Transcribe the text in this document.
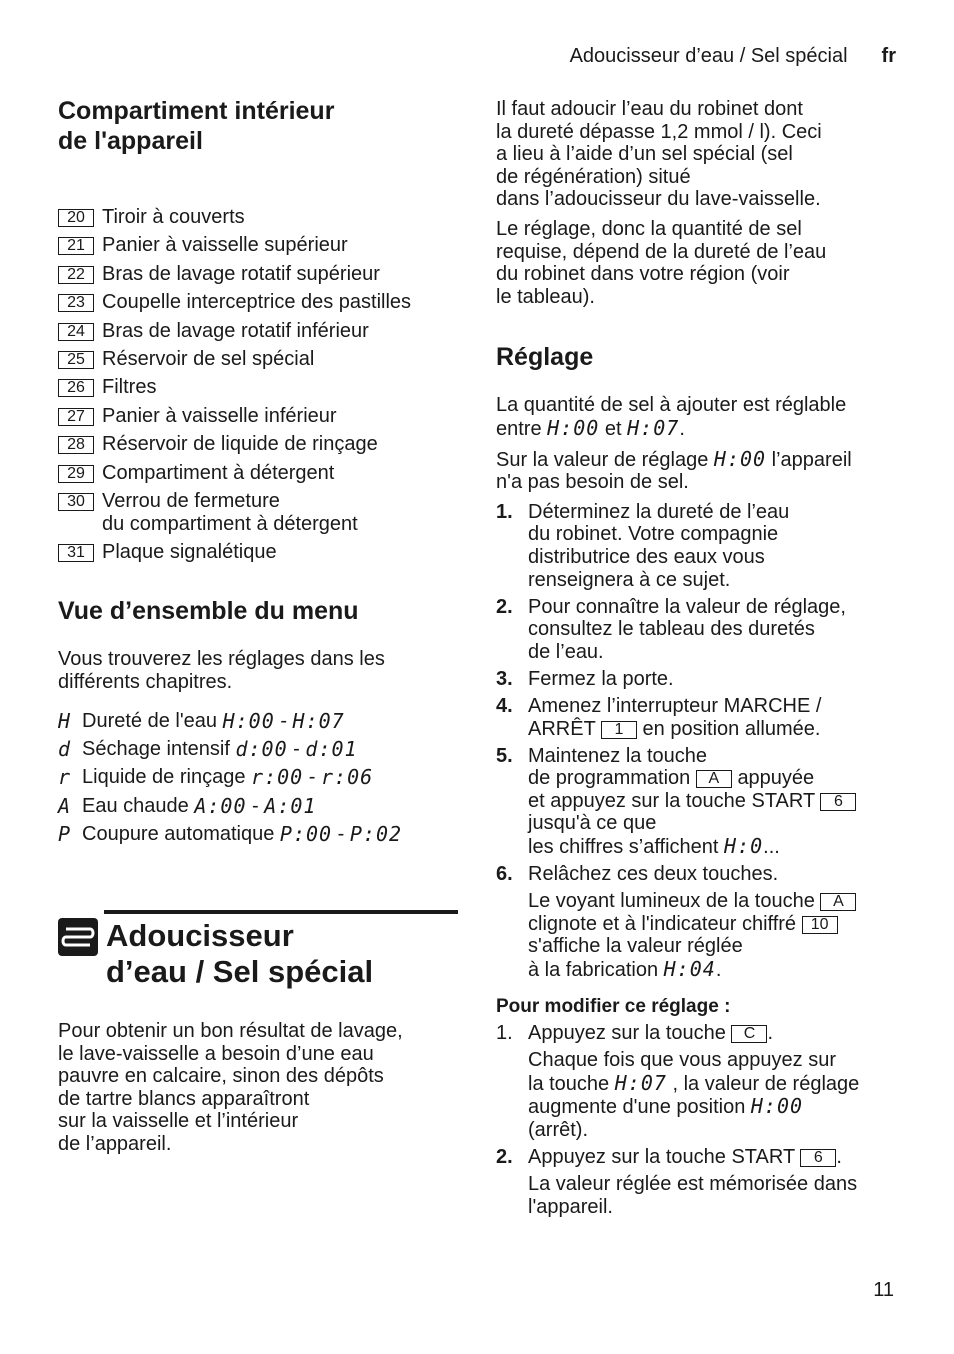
Adoucisseur d’eau / Sel spécial fr
Compartiment intérieur
de l'appareil
20 Tiroir à couverts
21 Panier à vaisselle supérieur
22 Bras de lavage rotatif supérieur
23 Coupelle interceptrice des pastilles
24 Bras de lavage rotatif inférieur
25 Réservoir de sel spécial
26 Filtres
27 Panier à vaisselle inférieur
28 Réservoir de liquide de rinçage
29 Compartiment à détergent
30 Verrou de fermeture
du compartiment à détergent
31 Plaque signalétique
Vue d’ensemble du menu

Vous trouverez les réglages dans les
différents chapitres.

H Dureté de l'eau
H:00 - H:07
d Séchage intensif
d:00 - d:01
r Liquide de rinçage
r:00 - r:06
A Eau chaude
A:00 - A:01
P Coupure automatique
P:00 - P:02
Adoucisseur
d’eau / Sel spécial

Pour obtenir un bon résultat de lavage,
le lave-vaisselle a besoin d’une eau
pauvre en calcaire, sinon des dépôts
de tartre blancs apparaîtront
sur la vaisselle et l’intérieur
de l’appareil.

Il faut adoucir l’eau du robinet dont
la dureté dépasse 1,2 mmol / l). Ceci
a lieu à l’aide d’un sel spécial (sel
de régénération) situé
dans l’adoucisseur du lave-vaisselle.

Le réglage, donc la quantité de sel
requise, dépend de la dureté de l’eau
du robinet dans votre région (voir
le tableau).

Réglage

La quantité de sel à ajouter est réglable
entre H:00 et H:07.

Sur la valeur de réglage H:00 l’appareil
n'a pas besoin de sel.

1. Déterminez la dureté de l’eau
du robinet. Votre compagnie
distributrice des eaux vous
renseignera à ce sujet.
2. Pour connaître la valeur de réglage,
consultez le tableau des duretés
de l’eau.
3. Fermez la porte.
4. Amenez l’interrupteur MARCHE /
ARRÊT 1 en position allumée.
5. Maintenez la touche
de programmation A appuyée
et appuyez sur la touche START 6
jusqu'à ce que
les chiffres s’affichent H:0...
6. Relâchez ces deux touches.

Le voyant lumineux de la touche A
clignote et à l'indicateur chiffré 10
s'affiche la valeur réglée
à la fabrication H:04.

Pour modifier ce réglage :
1. Appuyez sur la touche C .

Chaque fois que vous appuyez sur
la touche H:07 , la valeur de réglage
augmente d'une position H:00
(arrêt).

2. Appuyez sur la touche START 6 .

La valeur réglée est mémorisée dans
l'appareil.

11
